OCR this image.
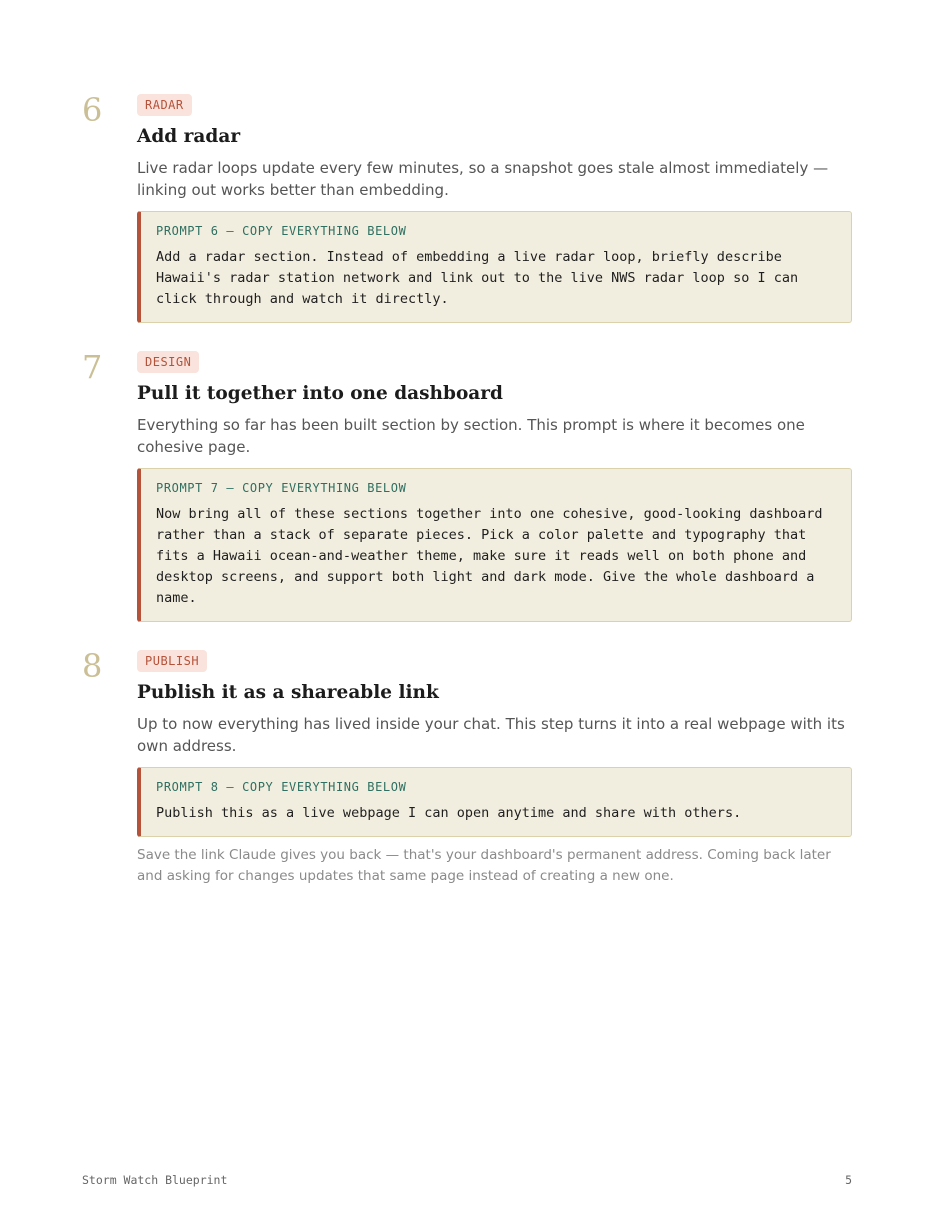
6	RADAR
Add radar
Live radar loops update every few minutes, so a snapshot goes stale almost immediately — linking out works better than embedding.
PROMPT 6 — COPY EVERYTHING BELOW
Add a radar section. Instead of embedding a live radar loop, briefly describe Hawaii's radar station network and link out to the live NWS radar loop so I can click through and watch it directly.
7	DESIGN
Pull it together into one dashboard
Everything so far has been built section by section. This prompt is where it becomes one cohesive page.
PROMPT 7 — COPY EVERYTHING BELOW
Now bring all of these sections together into one cohesive, good-looking dashboard rather than a stack of separate pieces. Pick a color palette and typography that fits a Hawaii ocean-and-weather theme, make sure it reads well on both phone and desktop screens, and support both light and dark mode. Give the whole dashboard a name.
8	PUBLISH
Publish it as a shareable link
Up to now everything has lived inside your chat. This step turns it into a real webpage with its own address.
PROMPT 8 — COPY EVERYTHING BELOW
Publish this as a live webpage I can open anytime and share with others.
Save the link Claude gives you back — that's your dashboard's permanent address. Coming back later and asking for changes updates that same page instead of creating a new one.
Storm Watch Blueprint	5
